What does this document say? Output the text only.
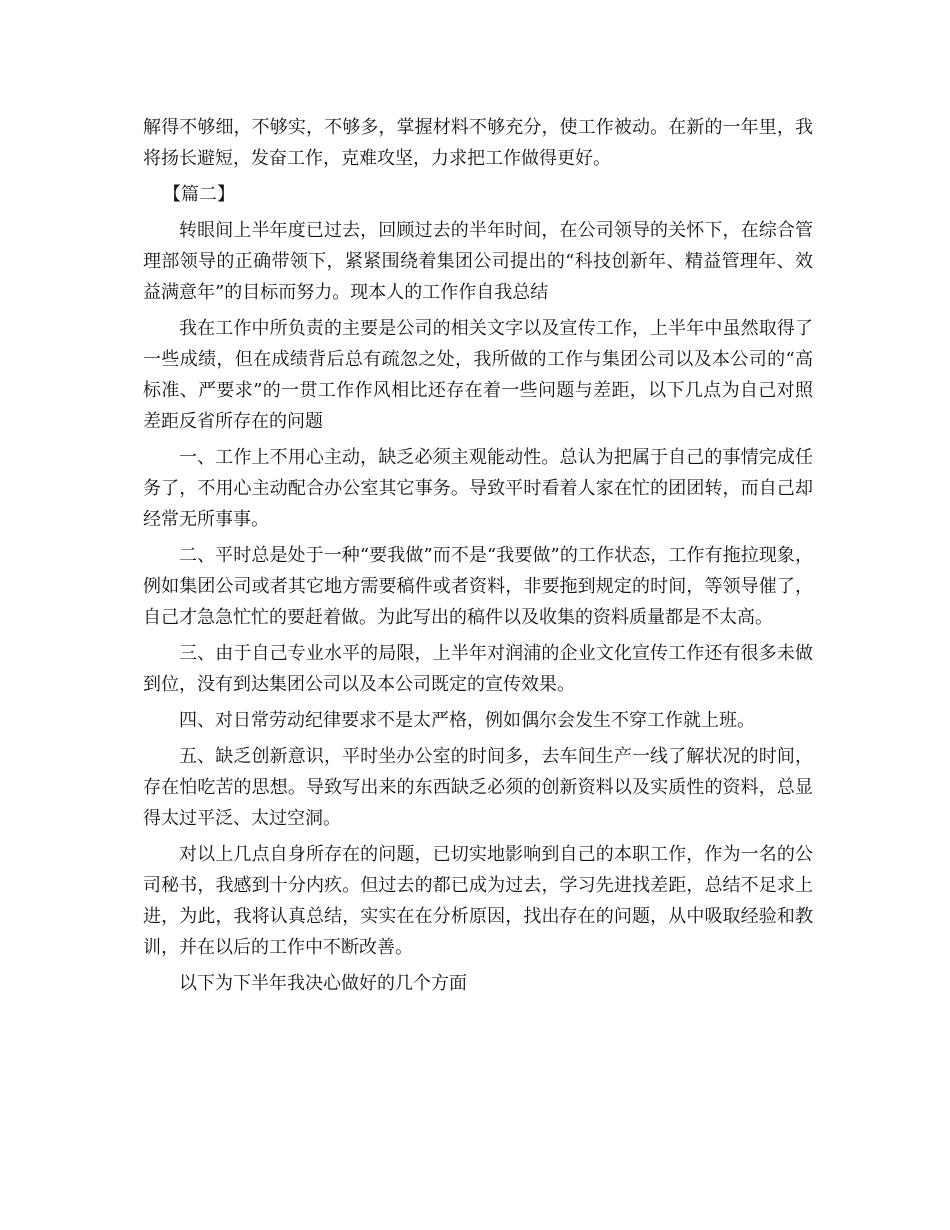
解得不够细，不够实，不够多，掌握材料不够充分，使工作被动。在新的一年里，我将扬长避短，发奋工作，克难攻坚，力求把工作做得更好。

【篇二】

转眼间上半年度已过去，回顾过去的半年时间，在公司领导的关怀下，在综合管理部领导的正确带领下，紧紧围绕着集团公司提出的“科技创新年、精益管理年、效益满意年”的目标而努力。现本人的工作作自我总结

我在工作中所负责的主要是公司的相关文字以及宣传工作，上半年中虽然取得了一些成绩，但在成绩背后总有疏忽之处，我所做的工作与集团公司以及本公司的“高标准、严要求”的一贯工作作风相比还存在着一些问题与差距，以下几点为自己对照差距反省所存在的问题

一、工作上不用心主动，缺乏必须主观能动性。总认为把属于自己的事情完成任务了，不用心主动配合办公室其它事务。导致平时看着人家在忙的团团转，而自己却经常无所事事。

二、平时总是处于一种“要我做”而不是“我要做”的工作状态，工作有拖拉现象，例如集团公司或者其它地方需要稿件或者资料，非要拖到规定的时间，等领导催了，自己才急急忙忙的要赶着做。为此写出的稿件以及收集的资料质量都是不太高。

三、由于自己专业水平的局限，上半年对润浦的企业文化宣传工作还有很多未做到位，没有到达集团公司以及本公司既定的宣传效果。

四、对日常劳动纪律要求不是太严格，例如偶尔会发生不穿工作就上班。

五、缺乏创新意识，平时坐办公室的时间多，去车间生产一线了解状况的时间，存在怕吃苦的思想。导致写出来的东西缺乏必须的创新资料以及实质性的资料，总显得太过平泛、太过空洞。

对以上几点自身所存在的问题，已切实地影响到自己的本职工作，作为一名的公司秘书，我感到十分内疚。但过去的都已成为过去，学习先进找差距，总结不足求上进，为此，我将认真总结，实实在在分析原因，找出存在的问题，从中吸取经验和教训，并在以后的工作中不断改善。

以下为下半年我决心做好的几个方面
